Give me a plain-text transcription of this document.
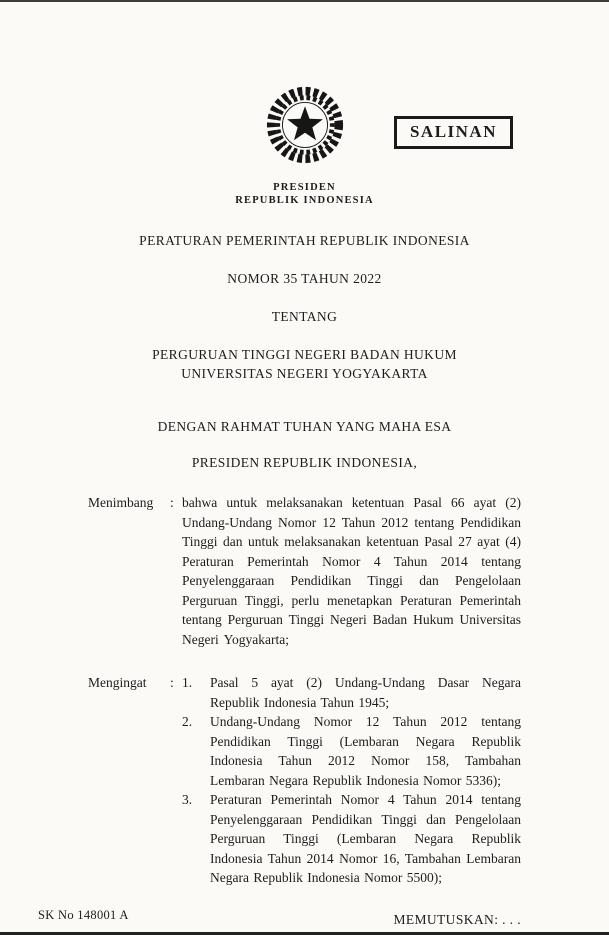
SALINAN
PRESIDEN
REPUBLIK INDONESIA
PERATURAN PEMERINTAH REPUBLIK INDONESIA
NOMOR 35 TAHUN 2022
TENTANG
PERGURUAN TINGGI NEGERI BADAN HUKUM
UNIVERSITAS NEGERI YOGYAKARTA
DENGAN RAHMAT TUHAN YANG MAHA ESA
PRESIDEN REPUBLIK INDONESIA,
Menimbang	: bahwa untuk melaksanakan ketentuan Pasal 66 ayat (2) Undang-Undang Nomor 12 Tahun 2012 tentang Pendidikan Tinggi dan untuk melaksanakan ketentuan Pasal 27 ayat (4) Peraturan Pemerintah Nomor 4 Tahun 2014 tentang Penyelenggaraan Pendidikan Tinggi dan Pengelolaan Perguruan Tinggi, perlu menetapkan Peraturan Pemerintah tentang Perguruan Tinggi Negeri Badan Hukum Universitas Negeri Yogyakarta;
Mengingat	: 1.	Pasal 5 ayat (2) Undang-Undang Dasar Negara Republik Indonesia Tahun 1945;
2.	Undang-Undang Nomor 12 Tahun 2012 tentang Pendidikan Tinggi (Lembaran Negara Republik Indonesia Tahun 2012 Nomor 158, Tambahan Lembaran Negara Republik Indonesia Nomor 5336);
3.	Peraturan Pemerintah Nomor 4 Tahun 2014 tentang Penyelenggaraan Pendidikan Tinggi dan Pengelolaan Perguruan Tinggi (Lembaran Negara Republik Indonesia Tahun 2014 Nomor 16, Tambahan Lembaran Negara Republik Indonesia Nomor 5500);
MEMUTUSKAN: . . .
SK No 148001 A
